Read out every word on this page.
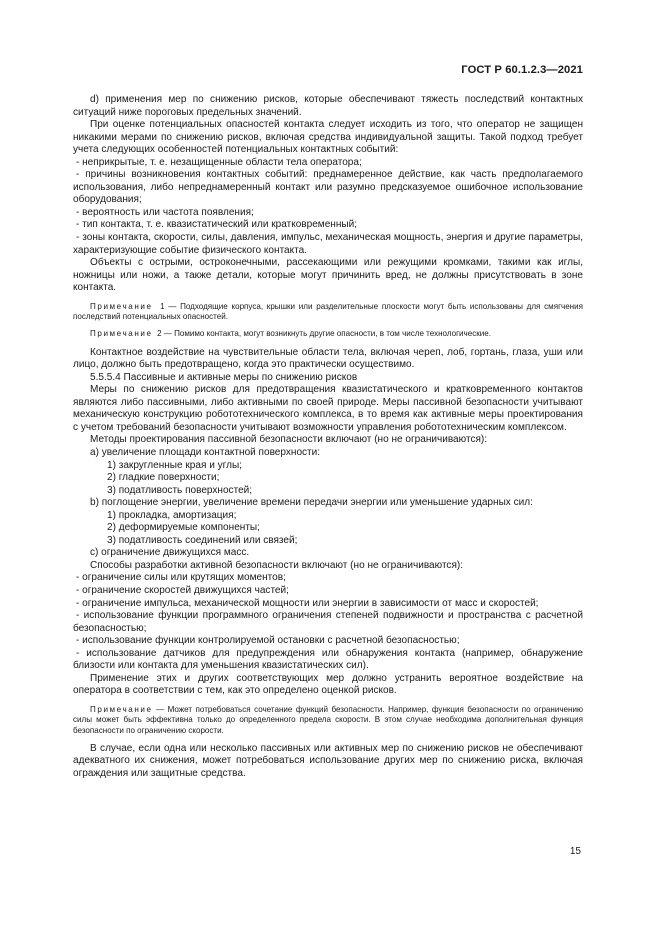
ГОСТ Р 60.1.2.3—2021

d) применения мер по снижению рисков, которые обеспечивают тяжесть последствий контактных ситуаций ниже пороговых предельных значений.

При оценке потенциальных опасностей контакта следует исходить из того, что оператор не защищен никакими мерами по снижению рисков, включая средства индивидуальной защиты. Такой подход требует учета следующих особенностей потенциальных контактных событий:

- неприкрытые, т. е. незащищенные области тела оператора;

- причины возникновения контактных событий: преднамеренное действие, как часть предполагаемого использования, либо непреднамеренный контакт или разумно предсказуемое ошибочное использование оборудования;

- вероятность или частота появления;

- тип контакта, т. е. квазистатический или кратковременный;

- зоны контакта, скорости, силы, давления, импульс, механическая мощность, энергия и другие параметры, характеризующие событие физического контакта.

Объекты с острыми, остроконечными, рассекающими или режущими кромками, такими как иглы, ножницы или ножи, а также детали, которые могут причинить вред, не должны присутствовать в зоне контакта.

Примечание 1 — Подходящие корпуса, крышки или разделительные плоскости могут быть использованы для смягчения последствий потенциальных опасностей.

Примечание 2 — Помимо контакта, могут возникнуть другие опасности, в том числе технологические.

Контактное воздействие на чувствительные области тела, включая череп, лоб, гортань, глаза, уши или лицо, должно быть предотвращено, когда это практически осуществимо.

5.5.5.4 Пассивные и активные меры по снижению рисков

Меры по снижению рисков для предотвращения квазистатического и кратковременного контактов являются либо пассивными, либо активными по своей природе. Меры пассивной безопасности учитывают механическую конструкцию робототехнического комплекса, в то время как активные меры проектирования с учетом требований безопасности учитывают возможности управления робототехническим комплексом.

Методы проектирования пассивной безопасности включают (но не ограничиваются):

a) увеличение площади контактной поверхности:

1) закругленные края и углы;

2) гладкие поверхности;

3) податливость поверхностей;

b) поглощение энергии, увеличение времени передачи энергии или уменьшение ударных сил:

1) прокладка, амортизация;

2) деформируемые компоненты;

3) податливость соединений или связей;

c) ограничение движущихся масс.

Способы разработки активной безопасности включают (но не ограничиваются):

- ограничение силы или крутящих моментов;

- ограничение скоростей движущихся частей;

- ограничение импульса, механической мощности или энергии в зависимости от масс и скоростей;

- использование функции программного ограничения степеней подвижности и пространства с расчетной безопасностью;

- использование функции контролируемой остановки с расчетной безопасностью;

- использование датчиков для предупреждения или обнаружения контакта (например, обнаружение близости или контакта для уменьшения квазистатических сил).

Применение этих и других соответствующих мер должно устранить вероятное воздействие на оператора в соответствии с тем, как это определено оценкой рисков.

Примечание — Может потребоваться сочетание функций безопасности. Например, функция безопасности по ограничению силы может быть эффективна только до определенного предела скорости. В этом случае необходима дополнительная функция безопасности по ограничению скорости.

В случае, если одна или несколько пассивных или активных мер по снижению рисков не обеспечивают адекватного их снижения, может потребоваться использование других мер по снижению риска, включая ограждения или защитные средства.

15
